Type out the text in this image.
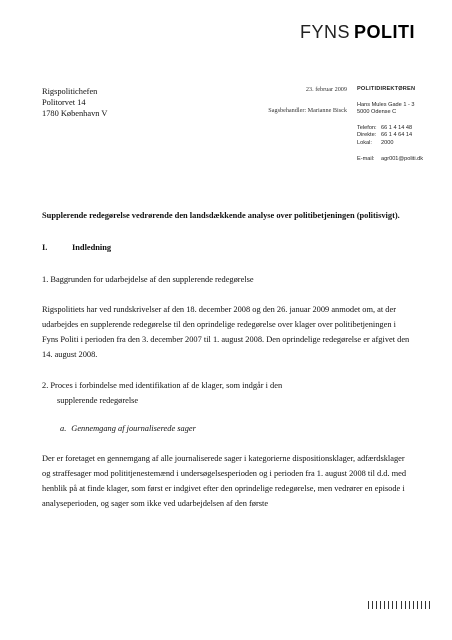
FYNS POLITI
Rigspolitichefen
Politorvet 14
1780 København V
23. februar 2009
Sagsbehandler: Marianne Bisck
POLITIDIREKTØREN
Hans Mules Gade 1 - 3
5000 Odense C
Telefon: 66 1 4 14 48
Direkte: 66 1 4 64 14
Lokal:	2000
E-mail:	agr001@politi.dk

Supplerende redegørelse vedrørende den landsdækkende analyse over politibetjeningen (politisvigt).

I.	Indledning

1. Baggrunden for udarbejdelse af den supplerende redegørelse

Rigspolitiets har ved rundskrivelser af den 18. december 2008 og den 26. januar 2009 anmodet om, at der udarbejdes en supplerende redegørelse til den oprindelige redegørelse over klager over politibetjeningen i Fyns Politi i perioden fra den 3. december 2007 til 1. august 2008. Den oprindelige redegørelse er afgivet den 14. august 2008.

2. Proces i forbindelse med identifikation af de klager, som indgår i den
supplerende redegørelse
a. Gennemgang af journaliserede sager

Der er foretaget en gennemgang af alle journaliserede sager i kategorierne dispositionsklager, adfærdsklager og straffesager mod polititjenestemænd i undersøgelsesperioden og i perioden fra 1. august 2008 til d.d. med henblik på at finde klager, som først er indgivet efter den oprindelige redegørelse, men vedrører en episode i analyseperioden, og sager som ikke ved udarbejdelsen af den første
